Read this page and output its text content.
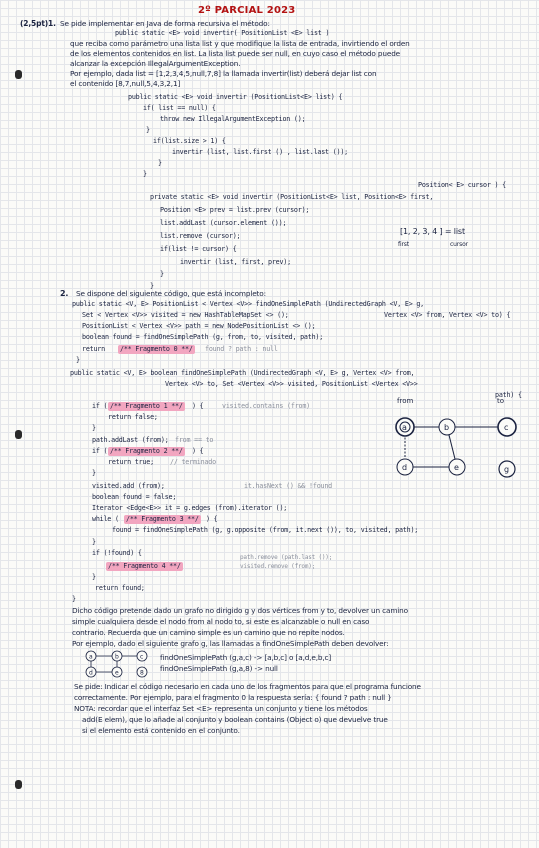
2º PARCIAL 2023
(2,5pt)1. Se pide implementar en Java de forma recursiva el método:
public static <E> void invertir( PositionList <E> list )
que reciba como parámetro una lista list y que modifique la lista de entrada, invirtiendo el orden
de los elementos contenidos en list. La lista list puede ser null, en cuyo caso el método puede
alcanzar la excepción IllegalArgumentException.
Por ejemplo, dada list = [1,2,3,4,5,null,7,8] la llamada invertir(list) deberá dejar list con
el contenido [8,7,null,5,4,3,2,1]
public static <E> void invertir (PositionList<E> list) {
if( list == null) {
throw new IllegalArgumentException ();
}
if(list.size > 1) {
invertir (list, list.first () , list.last ());
}
}
Position< E> cursor ) {
private static <E> void invertir (PositionList<E> list, Position<E> first,
Position <E> prev = list.prev (cursor);
list.addLast (cursor.element ());
list.remove (cursor);
if(list != cursor) {
invertir (list, first, prev);
}
}
[1, 2, 3, 4 ] = list
first	cursor
2. Se dispone del siguiente código, que está incompleto:
public static <V, E> PositionList < Vertex <V>> findOneSimplePath (UndirectedGraph <V, E> g,
Vertex <V> from, Vertex <V> to) {
Set < Vertex <V>> visited = new HashTableMapSet <> ();
PositionList < Vertex <V>> path = new NodePositionList <> ();
boolean found = findOneSimplePath (g, from, to, visited, path);
return /** Fragmento 0 **/ found ? path : null
}
public static <V, E> boolean findOneSimplePath (UndirectedGraph <V, E> g, Vertex <V> from,
Vertex <V> to, Set <Vertex <V>> visited, PositionList <Vertex <V>>
path) {
if ( /** Fragmento 1 **/ ) {	visited.contains (from)
return false;
}
path.addLast (from); from == to
if ( /** Fragmento 2 **/ ) {
return true; // terminado
}
visited.add (from);	it.hasNext () && !found
boolean found = false;
Iterator <Edge<E>> it = g.edges (from).iterator ();
while ( /** Fragmento 3 **/ ) {
found = findOneSimplePath (g, g.opposite (from, it.next ()), to, visited, path);
}
if (!found) {
/** Fragmento 4 **/
path.remove (path.last ());
visited.remove (from);
}
return found;
}
from	to
a	b	c
d	e	g
Dicho código pretende dado un grafo no dirigido g y dos vértices from y to, devolver un camino
simple cualquiera desde el nodo from al nodo to, si este es alcanzable o null en caso
contrario. Recuerda que un camino simple es un camino que no repite nodos.
Por ejemplo, dado el siguiente grafo g, las llamadas a findOneSimplePath deben devolver:
a	b	c
d	e	8
findOneSimplePath (g,a,c) -> [a,b,c] o [a,d,e,b,c]
findOneSimplePath (g,a,8) -> null
Se pide: Indicar el código necesario en cada uno de los fragmentos para que el programa funcione
correctamente. Por ejemplo, para el fragmento 0 la respuesta sería: { found ? path : null }
NOTA: recordar que el interfaz Set <E> representa un conjunto y tiene los métodos
add(E elem), que lo añade al conjunto y boolean contains (Object o) que devuelve true
si el elemento está contenido en el conjunto.
